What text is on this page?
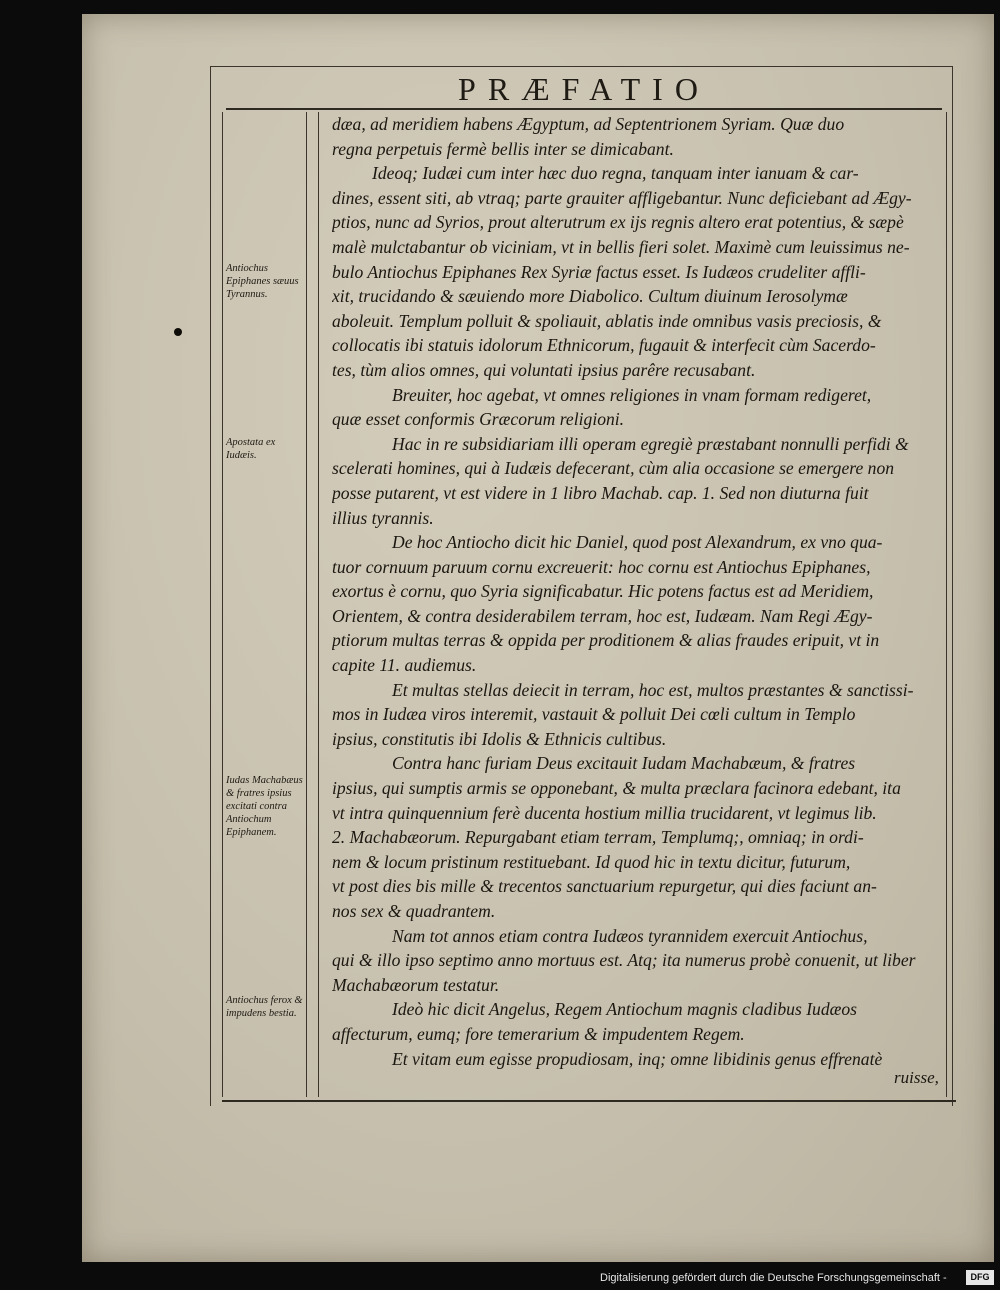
PRÆFATIO
Antiochus Epiphanes sæuus Tyrannus.
Apostata ex Iudæis.
Iudas Machabæus & fratres ipsius excitati contra Antiochum Epiphanem.
Antiochus ferox & impudens bestia.
dæa, ad meridiem habens Ægyptum, ad Septentrionem Syriam. Quæ duo
regna perpetuis fermè bellis inter se dimicabant.
Ideoq; Iudæi cum inter hæc duo regna, tanquam inter ianuam & car-
dines, essent siti, ab vtraq; parte grauiter affligebantur. Nunc deficiebant ad Ægy-
ptios, nunc ad Syrios, prout alterutrum ex ijs regnis altero erat potentius, & sæpè
malè mulctabantur ob viciniam, vt in bellis fieri solet. Maximè cum leuissimus ne-
bulo Antiochus Epiphanes Rex Syriæ factus esset. Is Iudæos crudeliter affli-
xit, trucidando & sæuiendo more Diabolico. Cultum diuinum Ierosolymæ
aboleuit. Templum polluit & spoliauit, ablatis inde omnibus vasis preciosis, &
collocatis ibi statuis idolorum Ethnicorum, fugauit & interfecit cùm Sacerdo-
tes, tùm alios omnes, qui voluntati ipsius parêre recusabant.
Breuiter, hoc agebat, vt omnes religiones in vnam formam redigeret,
quæ esset conformis Græcorum religioni.
Hac in re subsidiariam illi operam egregiè præstabant nonnulli perfidi &
scelerati homines, qui à Iudæis defecerant, cùm alia occasione se emergere non
posse putarent, vt est videre in 1 libro Machab. cap. 1. Sed non diuturna fuit
illius tyrannis.
De hoc Antiocho dicit hic Daniel, quod post Alexandrum, ex vno qua-
tuor cornuum paruum cornu excreuerit: hoc cornu est Antiochus Epiphanes,
exortus è cornu, quo Syria significabatur. Hic potens factus est ad Meridiem,
Orientem, & contra desiderabilem terram, hoc est, Iudæam. Nam Regi Ægy-
ptiorum multas terras & oppida per proditionem & alias fraudes eripuit, vt in
capite 11. audiemus.
Et multas stellas deiecit in terram, hoc est, multos præstantes & sanctissi-
mos in Iudæa viros interemit, vastauit & polluit Dei cœli cultum in Templo
ipsius, constitutis ibi Idolis & Ethnicis cultibus.
Contra hanc furiam Deus excitauit Iudam Machabæum, & fratres
ipsius, qui sumptis armis se opponebant, & multa præclara facinora edebant, ita
vt intra quinquennium ferè ducenta hostium millia trucidarent, vt legimus lib.
2. Machabæorum. Repurgabant etiam terram, Templumq;, omniaq; in ordi-
nem & locum pristinum restituebant. Id quod hic in textu dicitur, futurum,
vt post dies bis mille & trecentos sanctuarium repurgetur, qui dies faciunt an-
nos sex & quadrantem.
Nam tot annos etiam contra Iudæos tyrannidem exercuit Antiochus,
qui & illo ipso septimo anno mortuus est. Atq; ita numerus probè conuenit, ut liber
Machabæorum testatur.
Ideò hic dicit Angelus, Regem Antiochum magnis cladibus Iudæos
affecturum, eumq; fore temerarium & impudentem Regem.
Et vitam eum egisse propudiosam, inq; omne libidinis genus effrenatè
ruisse,
Digitalisierung gefördert durch die Deutsche Forschungsgemeinschaft -	DFG
